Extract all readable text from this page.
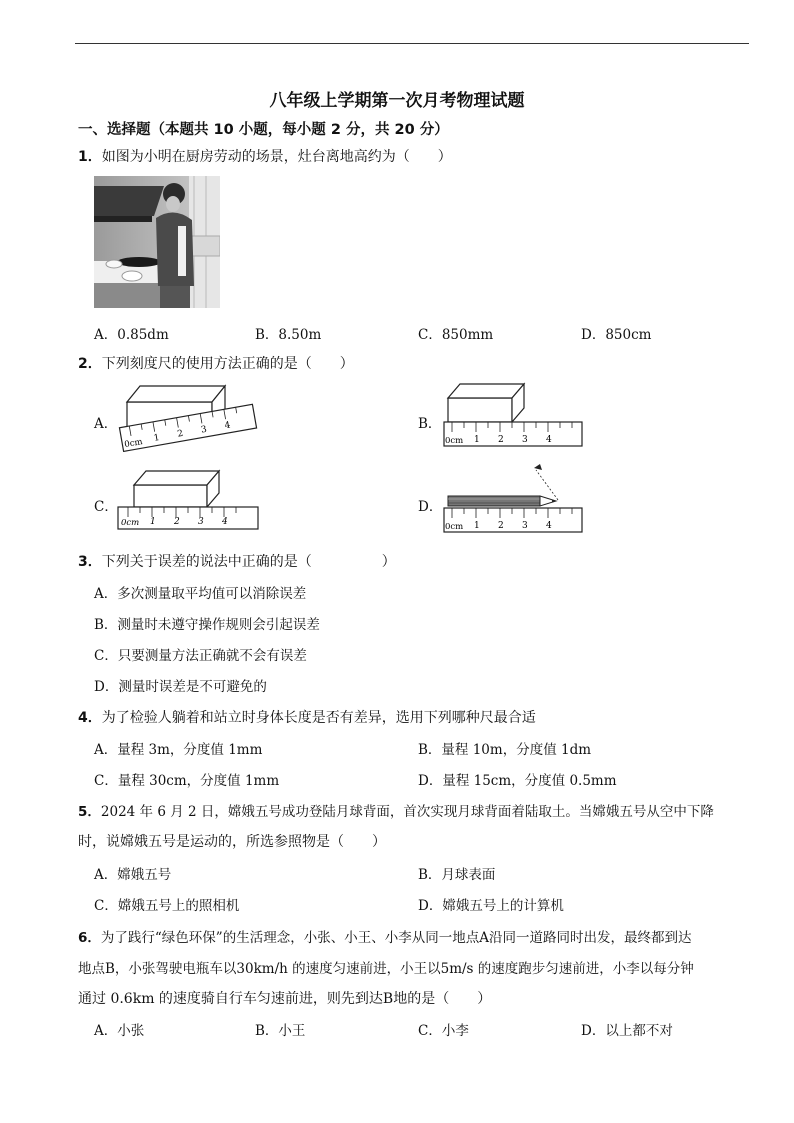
八年级上学期第一次月考物理试题
一、选择题（本题共 10 小题，每小题 2 分，共 20 分）
1．如图为小明在厨房劳动的场景，灶台离地高约为（　　）
A．0.85dm	B．8.50m	C．850mm	D．850cm
2．下列刻度尺的使用方法正确的是（　　）
A．	B．
C．	D．
0cm 1 2 3 4
0cm 1 2 3 4
0cm 1 2 3 4	0cm 1 2 3 4
3．下列关于误差的说法中正确的是（　　　　　）
A．多次测量取平均值可以消除误差
B．测量时未遵守操作规则会引起误差
C．只要测量方法正确就不会有误差
D．测量时误差是不可避免的
4．为了检验人躺着和站立时身体长度是否有差异，选用下列哪种尺最合适
A．量程 3m，分度值 1mm	B．量程 10m，分度值 1dm
C．量程 30cm，分度值 1mm	D．量程 15cm，分度值 0.5mm
5．2024 年 6 月 2 日，嫦娥五号成功登陆月球背面，首次实现月球背面着陆取土。当嫦娥五号从空中下降
时，说嫦娥五号是运动的，所选参照物是（　　）
A．嫦娥五号	B．月球表面
C．嫦娥五号上的照相机	D．嫦娥五号上的计算机
6．为了践行“绿色环保”的生活理念，小张、小王、小李从同一地点A沿同一道路同时出发，最终都到达
地点B，小张驾驶电瓶车以30km/h 的速度匀速前进，小王以5m/s 的速度跑步匀速前进，小李以每分钟
通过 0.6km 的速度骑自行车匀速前进，则先到达B地的是（　　）
A．小张	B．小王	C．小李	D．以上都不对
